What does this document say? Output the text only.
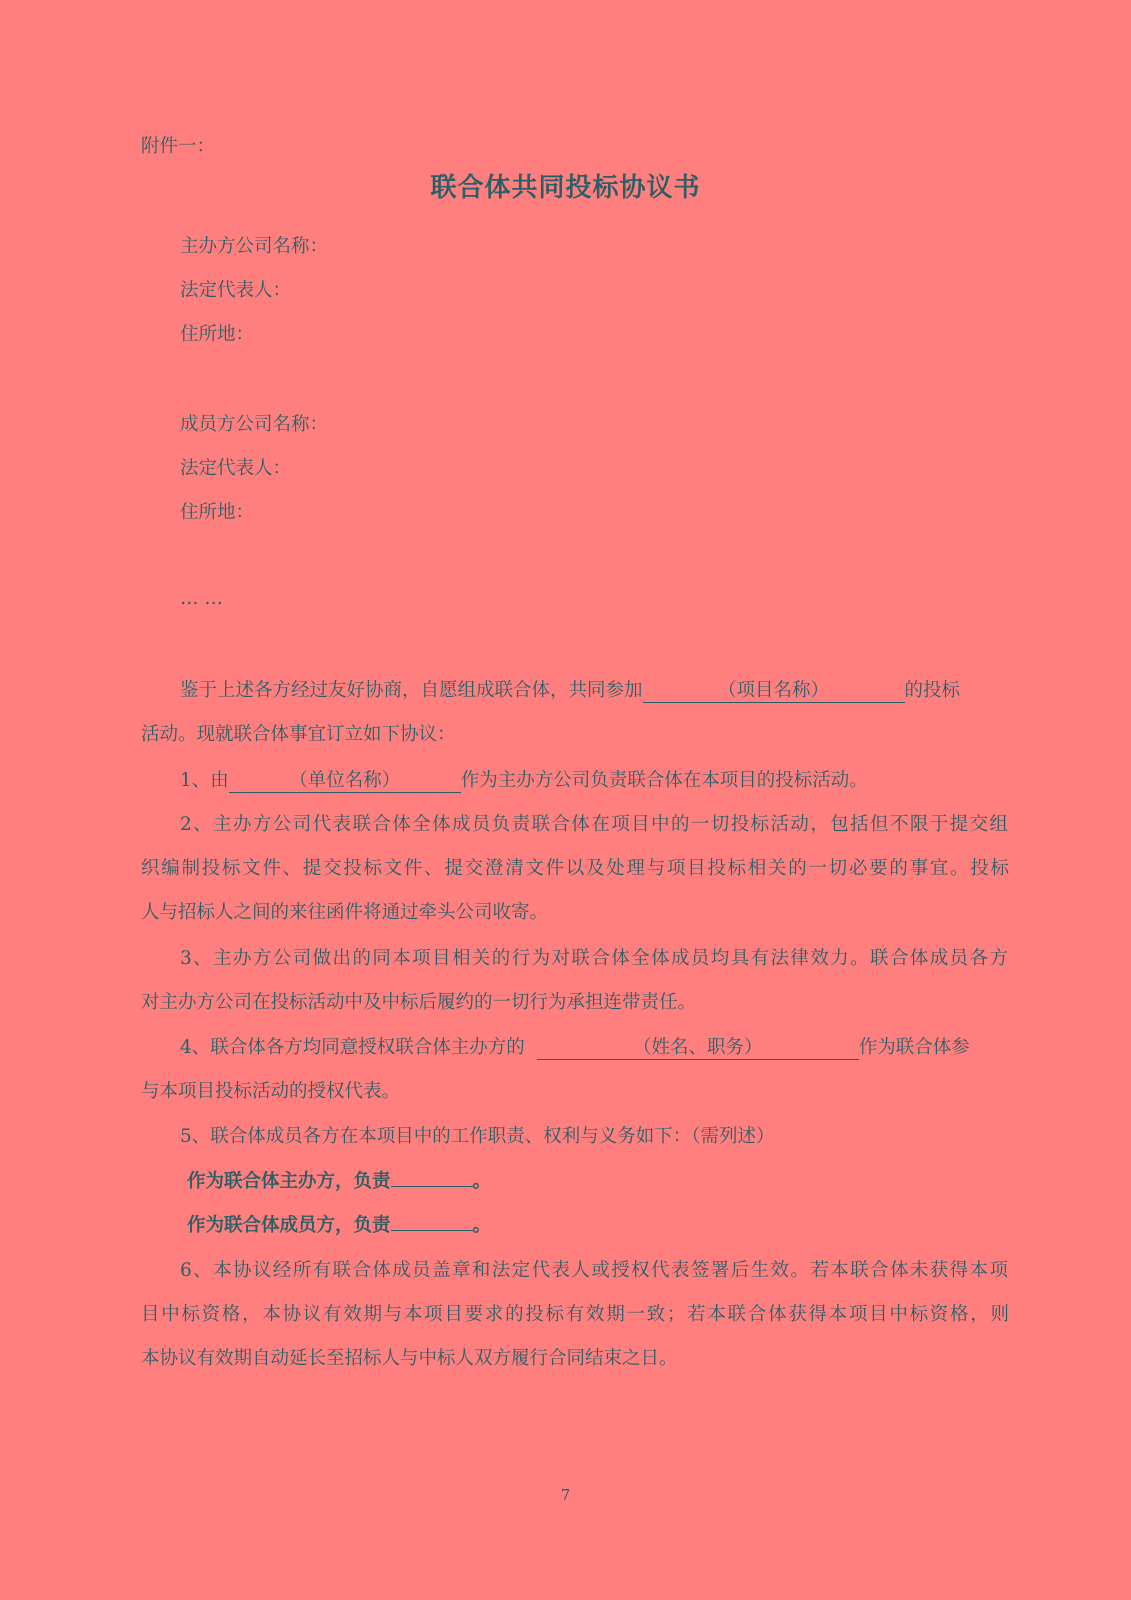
附件一：
联合体共同投标协议书
主办方公司名称：
法定代表人：
住所地：
成员方公司名称：
法定代表人：
住所地：
… …
鉴于上述各方经过友好协商，自愿组成联合体，共同参加	（项目名称）	的投标
活动。现就联合体事宜订立如下协议：
1、由	（单位名称）	作为主办方公司负责联合体在本项目的投标活动。
2、主办方公司代表联合体全体成员负责联合体在项目中的一切投标活动，包括但不限于提交组
织编制投标文件、提交投标文件、提交澄清文件以及处理与项目投标相关的一切必要的事宜。投标
人与招标人之间的来往函件将通过牵头公司收寄。
3、主办方公司做出的同本项目相关的行为对联合体全体成员均具有法律效力。联合体成员各方
对主办方公司在投标活动中及中标后履约的一切行为承担连带责任。
4、联合体各方均同意授权联合体主办方的	（姓名、职务）	作为联合体参
与本项目投标活动的授权代表。
5、联合体成员各方在本项目中的工作职责、权利与义务如下：（需列述）
作为联合体主办方，负责	。
作为联合体成员方，负责	。
6、本协议经所有联合体成员盖章和法定代表人或授权代表签署后生效。若本联合体未获得本项
目中标资格，本协议有效期与本项目要求的投标有效期一致；若本联合体获得本项目中标资格，则
本协议有效期自动延长至招标人与中标人双方履行合同结束之日。
7
